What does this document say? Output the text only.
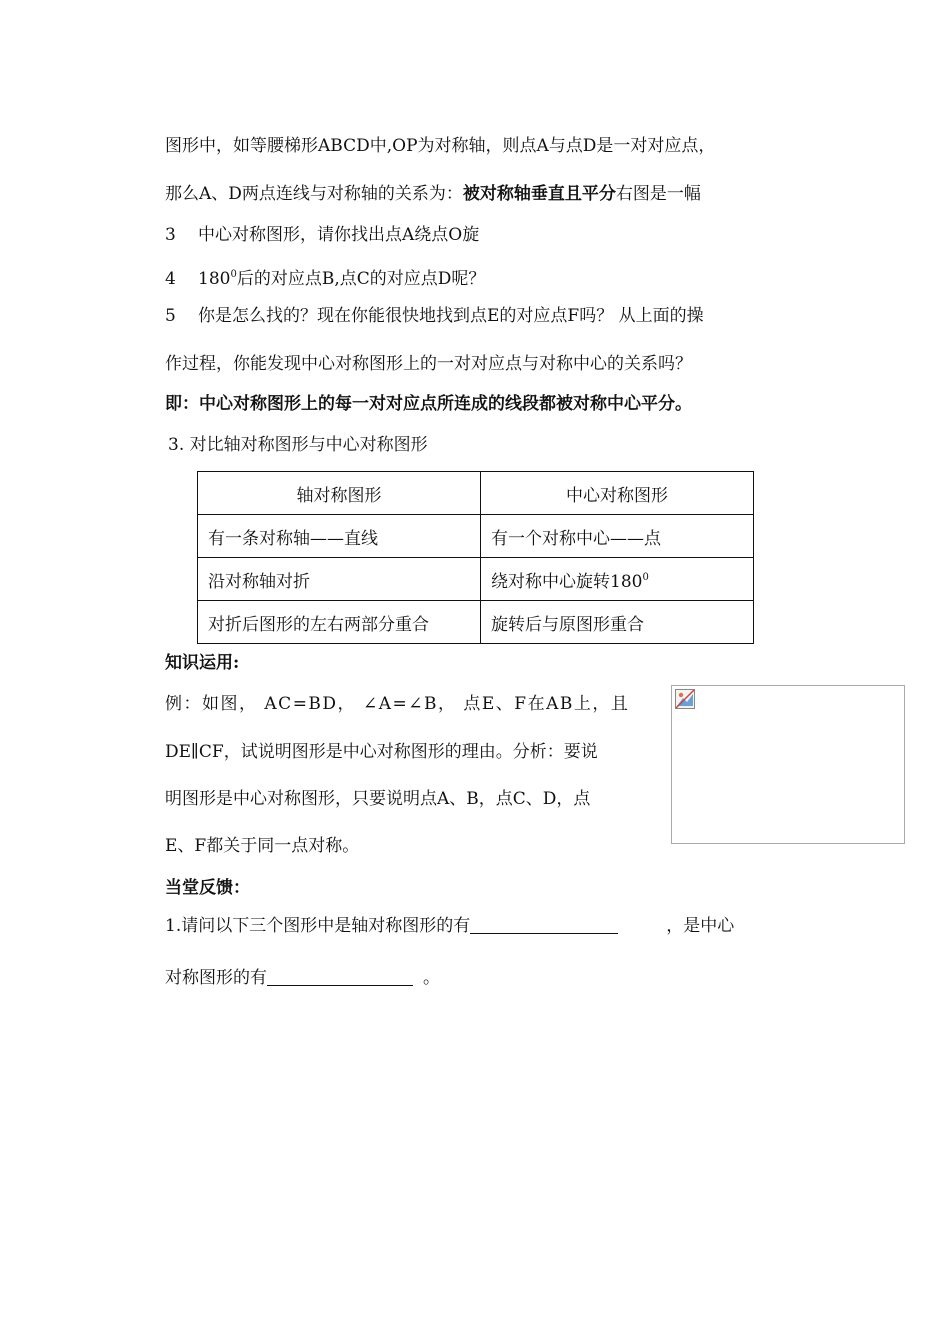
图形中，如等腰梯形ABCD中,OP为对称轴，则点A与点D是一对对应点，
那么A、D两点连线与对称轴的关系为：被对称轴垂直且平分右图是一幅
3 中心对称图形，请你找出点A绕点O旋
4 $180^0$后的对应点B,点C的对应点D呢？
5 你是怎么找的？现在你能很快地找到点E的对应点F吗？ 从上面的操
作过程，你能发现中心对称图形上的一对对应点与对称中心的关系吗？
即：中心对称图形上的每一对对应点所连成的线段都被对称中心平分。
3. 对比轴对称图形与中心对称图形
轴对称图形	中心对称图形
有一条对称轴——直线	有一个对称中心——点
沿对称轴对折	绕对称中心旋转$180^0$
对折后图形的左右两部分重合	旋转后与原图形重合
知识运用:
例：如图， AC=BD， ∠A=∠B， 点E、F在AB上，且
DE∥CF，试说明图形是中心对称图形的理由。分析：要说
明图形是中心对称图形，只要说明点A、B，点C、D，点
E、F都关于同一点对称。
当堂反馈：
1.请问以下三个图形中是轴对称图形的有	，是中心
对称图形的有	。
